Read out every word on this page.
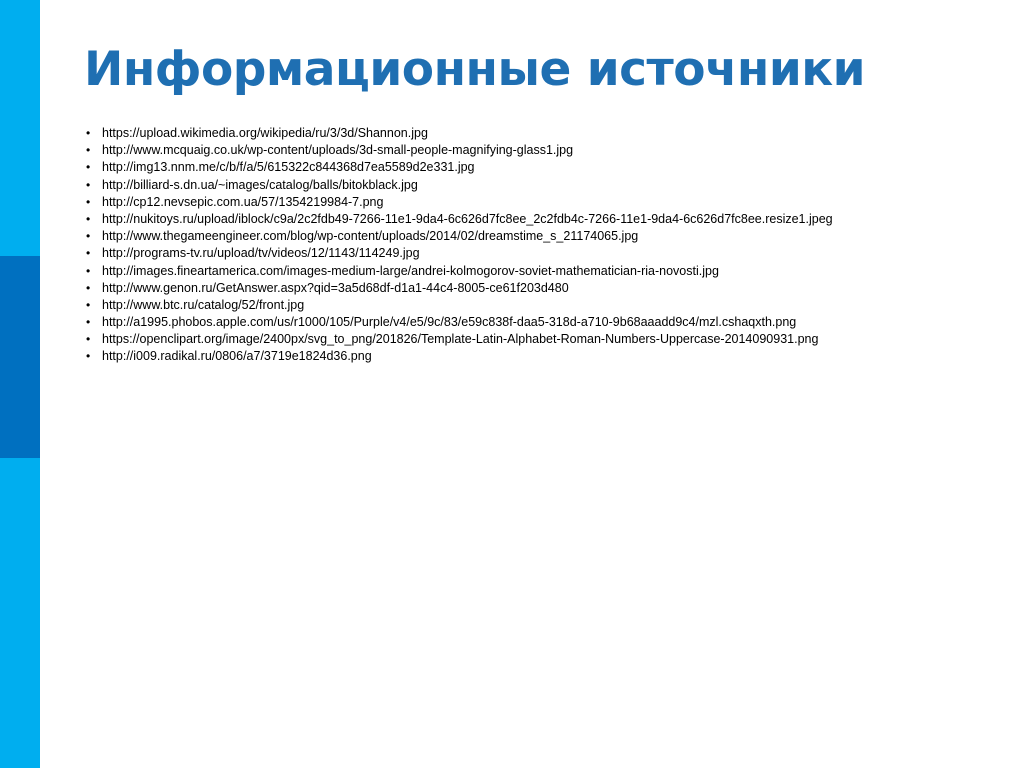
Информационные источники
• https://upload.wikimedia.org/wikipedia/ru/3/3d/Shannon.jpg
• http://www.mcquaig.co.uk/wp-content/uploads/3d-small-people-magnifying-glass1.jpg
• http://img13.nnm.me/c/b/f/a/5/615322c844368d7ea5589d2e331.jpg
• http://billiard-s.dn.ua/~images/catalog/balls/bitokblack.jpg
• http://cp12.nevsepic.com.ua/57/1354219984-7.png
• http://nukitoys.ru/upload/iblock/c9a/2c2fdb49-7266-11e1-9da4-6c626d7fc8ee_2c2fdb4c-7266-11e1-9da4-6c626d7fc8ee.resize1.jpeg
• http://www.thegameengineer.com/blog/wp-content/uploads/2014/02/dreamstime_s_21174065.jpg
• http://programs-tv.ru/upload/tv/videos/12/1143/114249.jpg
• http://images.fineartamerica.com/images-medium-large/andrei-kolmogorov-soviet-mathematician-ria-novosti.jpg
• http://www.genon.ru/GetAnswer.aspx?qid=3a5d68df-d1a1-44c4-8005-ce61f203d480
• http://www.btc.ru/catalog/52/front.jpg
• http://a1995.phobos.apple.com/us/r1000/105/Purple/v4/e5/9c/83/e59c838f-daa5-318d-a710-9b68aaadd9c4/mzl.cshaqxth.png
• https://openclipart.org/image/2400px/svg_to_png/201826/Template-Latin-Alphabet-Roman-Numbers-Uppercase-2014090931.png
• http://i009.radikal.ru/0806/a7/3719e1824d36.png
